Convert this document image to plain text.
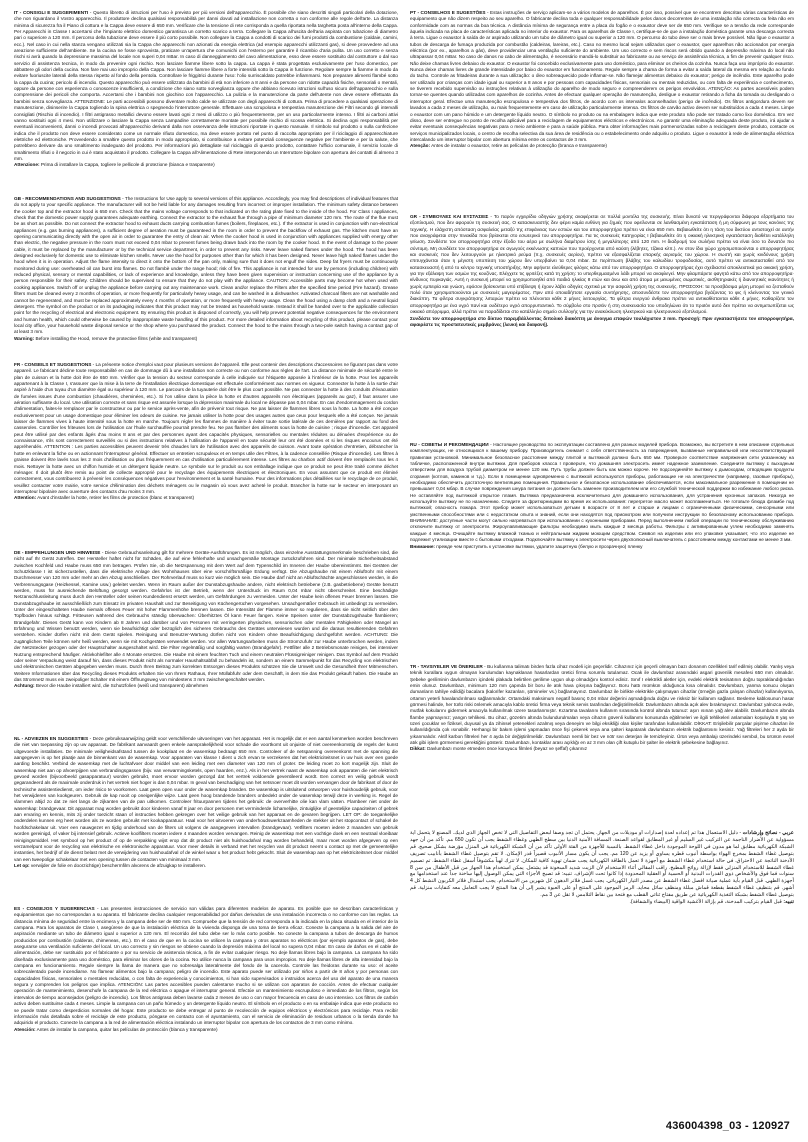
IT - CONSIGLI E SUGGERIMENTI - Questo libretto di istruzioni per l'uso è previsto per più versioni dell'apparecchio. È possibile che siano descritti singoli particolari della dotazione, che non riguardano il Vostro apparecchio. Il produttore declina qualsiasi responsabilità per danni dovuti ad installazione non corretta o non conforme alle regole dell'arte. La distanza minima di sicurezza fra il Piano di cottura e la Cappa deve essere di 650 mm. Verificare che la tensione di rete corrisponda a quella riportata nella targhetta posta all'interno della Cappa. Per Apparecchi in Classe I accertarsi che l'impianto elettrico domestico garantisca un corretto scarico a terra. Collegare la Cappa all'uscita dell'aria aspirata con tubazione di diametro pari o superiore a 120 mm. Il percorso della tubazione deve essere il più corto possibile. Non collegare la Cappa a condotti di scarico dei fumi prodotti da combustione (caldaie, camini, ecc.). Nel caso in cui nella stanza vengano utilizzati sia la Cappa che apparecchi non azionati da energia elettrica (ad esempio apparecchi utilizzanti gas), si deve provvedere ad una areazione sufficiente dell'ambiente. Se la cucina ne fosse sprovvista, praticare un'apertura che comunichi con l'esterno per garantire il ricambio d'aria pulita. Un uso corretto e senza rischi si avrà quando la depressione massima del locale non superi 0,04 mBar. In caso di danneggiamento del cavo alimentazione, esso deve essere sostituito dal costruttore o dal suo servizio di assistenza tecnica, in modo da prevenire ogni rischio. Non lasciare fiamme libere sotto la cappa. La cappa è stata progettata esclusivamente per l'uso domestico, per abbattere gli odori della cucina. Non fare mai uso improprio della Cappa. Non lasciare fiamme libere a forte intensità sotto la Cappa in funzione. Regolare sempre la fiamme in modo da evitare fuoriuscite laterali della stessa rispetto al fondo della pentola. Controllare le friggitrici durante l'uso: l'olio surriscaldato potrebbe infiammarsi. Non preparare alimenti flambé sotto la cappa da cucina; pericolo di incendio. Questo apparecchio può essere utilizzato da bambini di età non inferiore a 8 anni e da persone con ridotte capacità fisiche, sensoriali o mentali, oppure da persone con esperienza o conoscenze insufficienti, a condizione che siano sotto sorveglianza oppure che abbiano ricevuto istruzioni sull'uso sicuro dell'apparecchio e sulla comprensione dei pericoli che comporta. Accertarsi che i bambini non giochino con l'apparecchio. La pulizia e la manutenzione da parte dell'utente non deve essere effettuata da bambini senza sorveglianza. ATTENZIONE: Le parti accessibili possono diventare molto calde se utilizzate con degli apparecchi di cottura. Prima di procedere a qualsiasi operazione di manutenzione, disinserire la Cappa togliendo la spina elettrica o spegnendo l'interruttore generale. Effettuare una scrupolosa e tempestiva manutenzione dei Filtri secondo gli intervalli consigliati (Rischio di incendio). I filtri antigrasso metallici devono essere lavati ogni 2 mesi di utilizzo o più frequentemente, per un uso particolarmente intenso. I filtri ai carboni attivi vanno sostituiti ogni 4 mesi. Non utilizzare o lasciare la Cappa senza Lampadine correttamente montate per possibile rischio di scossa elettrica. Si declina ogni responsabilità per eventuali inconvenienti, danni o incendi provocati all'apparecchio derivanti dalla non osservanza delle istruzioni riportate in questo manuale. Il simbolo sul prodotto o sulla confezione indica che il prodotto non deve essere considerato come un normale rifiuto domestico, ma deve essere portato nel punto di raccolta appropriato per il riciclaggio di apparecchiature elettriche ed elettroniche. Provvedendo a smaltire questo prodotto in modo appropriato, si contribuisce a evitare potenziali conseguenze negative per l'ambiente e per la salute, che potrebbero derivare da uno smaltimento inadeguato del prodotto. Per informazioni più dettagliate sul riciclaggio di questo prodotto, contattare l'ufficio comunale, il servizio locale di smaltimento rifiuti o il negozio in cui è stato acquistato il prodotto. Collegare la Cappa all'Alimentazione di Rete interponendo un Interruttore bipolare con apertura dei contatti di almeno 3 mm.
Attenzione: Prima di installare la Cappa, togliere le pellicole di protezione (bianca e trasparente)

GB - RECOMMENDATIONS AND SUGGESTIONS - The Instructions for Use apply to several versions of this appliance. Accordingly, you may find descriptions of individual features that do not apply to your specific appliance. The manufacturer will not be held liable for any damages resulting from incorrect or improper installation. The minimum safety distance between the cooker top and the extractor hood is 650 mm. Check that the mains voltage corresponds to that indicated on the rating plate fixed to the inside of the hood. For Class I appliances, check that the domestic power supply guarantees adequate earthing. Connect the extractor to the exhaust flue through a pipe of minimum diameter 120 mm. The route of the flue must be as short as possible. Do not connect the extractor hood to exhaust ducts carrying combustion fumes (boilers, fireplaces, etc.). If the extractor is used in conjunction with non-electrical appliances (e.g. gas burning appliances), a sufficient degree of aeration must be guaranteed in the room in order to prevent the backflow of exhaust gas. The kitchen must have an opening communicating directly with the open air in order to guarantee the entry of clean air. When the cooker hood is used in conjunction with appliances supplied with energy other than electric, the negative pressure in the room must not exceed 0,04 mbar to prevent fumes being drawn back into the room by the cooker hood. In the event of damage to the power cable, it must be replaced by the manufacturer or by the technical service department, in order to prevent any risks. Never leave naked flames under the hood. The hood has been designed exclusively for domestic use to eliminate kitchen smells. Never use the hood for purposes other than for which it has been designed. Never leave high naked flames under the hood when it is in operation. Adjust the flame intensity to direct it onto the bottom of the pan only, making sure that it does not engulf the sides. Deep fat fryers must be continuously monitored during use: overheated oil can burst into flames. Do not flambè under the range hood; risk of fire. This appliance is not intended for use by persons (including children) with reduced physical, sensory or mental capabilities, or lack of experience and knowledge, unless they have been given supervision or instruction concerning use of the appliance by a person responsible for their safety. Children should be supervised to ensure that they do not play with the appliance. CAUTION: Accessible parts may become hot when used with cooking appliances. Switch off or unplug the appliance before carrying out any maintenance work. Clean and/or replace the Filters after the specified time period (Fire hazard). Grease filters must be cleaned every 2 months of operation, or more frequently for particularly heavy usage, and can be washed in a dishwasher. Activated charcoal filters are not washable and cannot be regenerated, and must be replaced approximately every 4 months of operation, or more frequently with heavy usage. Clean the hood using a damp cloth and a neutral liquid detergent. The symbol on the product or on its packaging indicates that this product may not be treated as household waste. Instead it shall be handed over to the applicable collection point for the recycling of electrical and electronic equipment. By ensuring this product is disposed of correctly, you will help prevent potential negative consequences for the environment and human health, which could otherwise be caused by inappropriate waste handling of this product. For more detailed information about recycling of this product, please contact your local city office, your household waste disposal service or the shop where you purchased the product. Connect the hood to the mains through a two-pole switch having a contact gap of at least 3 mm.
Warning: Before installing the Hood, remove the protective films (white and transparent)

FR - CONSEILS ET SUGGESTIONS - La présente notice d'emploi vaut pour plusieurs versions de l'appareil. Elle peut contenir des descriptions d'accessoires ne figurant pas dans votre appareil. Le fabricant décline toute responsabilité en cas de dommage dû à une installation non correcte ou non conforme aux règles de l'art. La distance minimale de sécurité entre le plan de cuisson et la hotte doit être de 650 mm. Vérifier que la tension du secteur corresponde à celle indiquée sur l'étiquette apposée à l'intérieur de la hotte. Pour les appareils appartenant à la Classe I, s'assurer que la mise à la terre de l'installation électrique domestique est effectuée conformément aux normes en vigueur. Connecter la hotte à la sortie d'air aspiré à l'aide d'un tuyau d'un diamètre égal ou supérieur à 120 mm. Le parcours de la tuyauterie doit être le plus court possible. Ne pas connecter la hotte à des conduits d'évacuation de fumées issues d'une combustion (chaudières, cheminées, etc.). Si l'on utilise dans la pièce la hotte et d'autres appareils non électriques (appareils au gaz), il faut assurer une aération suffisante du local. Une utilisation correcte et sans risque est assurée lorsque la dépression maximale du local ne dépasse pas 0,04 mbar. En cas d'endommagement du cordon d'alimentation, faites-le remplacer par le constructeur ou par le service après-vente, afin de prévenir tout risque. Ne pas laisser de flammes libres sous la hotte. La hotte a été conçue exclusivement pour un usage domestique pour éliminer les odeurs de cuisine. Ne jamais utiliser la hotte pour des usages autres que ceux pour lesquels elle a été conçue. Ne jamais laisser de flammes vives à haute intensité sous la hotte en marche. Toujours régler les flammes de manière à éviter toute sortie latérale de ces dernières par rapport au fond des casseroles. Contrôler les friteuses lors de l'utilisation car l'huile surchauffée pourrait prendre feu. Ne pas flamber des aliments sous la hotte de cuisine ; risque d'incendie. Cet appareil peut être utilisé par des enfants âgés d'au moins 8 ans et par des personnes ayant des capacités physiques, sensorielles ou mentales réduites ou dénuées d'expérience ou de connaissance, s'ils sont correctement surveillés ou si des instructions relatives à l'utilisation de l'appareil en toute sécurité leur ont été données et si les risques encourus ont été appréhendés. ATTENTION : Les parties accessibles peuvent devenir très chaudes lors de l'utilisation avec des appareils de cuisson. Avant toute opération d'entretien, débrancher la hotte en enlevant la fiche ou en actionnant l'interrupteur général. Effectuer un entretien scrupuleux et en temps utile des Filtres, à la cadence conseillée (Risque d'incendie). Les filtres à graisse doivent être lavés tous les 2 mois d'utilisation ou plus fréquemment en cas d'utilisation particulièrement intense. Les filtres au charbon actif doivent être remplacés tous les 4 mois. Nettoyer la hotte avec un chiffon humide et un détergent liquide neutre. Le symbole sur le produit ou son emballage indique que ce produit ne peut être traité comme déchet ménager. Il doit plutôt être remis au point de collecte approprié pour le recyclage des équipements électriques et électroniques. En vous assurant que ce produit est éliminé correctement, vous contribuerez à prévenir les conséquences négatives pour l'environnement et la santé humaine. Pour des informations plus détaillées sur le recyclage de ce produit, veuillez contacter votre mairie, votre service d'élimination des déchets ménagers ou le magasin où vous avez acheté le produit. Brancher la hotte sur le secteur en interposant un interrupteur bipolaire avec ouverture des contacts d'au moins 3 mm.
Attention: Avant d'installer la hotte, retirer les films de protection (blanc et transparent)

DE - EMPFEHLUNGEN UND HINWEISE - Diese Gebrauchsanleitung gilt für mehrere Geräte-Ausführungen. Es ist möglich, dass einzelne Ausstattungsmerkmale beschrieben sind, die nicht auf Ihr Gerät zutreffen. Der Hersteller haftet nicht für Schäden, die auf eine fehlerhafte und unsachgemäße Montage zurückzuführen sind. Der minimale Sicherheitsabstand zwischen Kochfeld und Haube muss 650 mm betragen. Prüfen Sie, ob die Netzspannung mit dem Wert auf dem Typenschild im Inneren der Haube übereinstimmt. Bei Geräten der Schutzklasse I ist sicherzustellen, dass die elektrische Anlage des Wohnhauses über eine vorschriftsmäßige Erdung verfügt. Die Abzugshaube mit einem Abluftrohr mit einem Durchmesser von 120 mm oder mehr an den Abzug anschließen. Der Rohrverlauf muss so kurz wie möglich sein. Die Haube darf nicht an Abluftschächte angeschlossen werden, in die Verbrennungsgase (Heizkessel, Kamine usw.) geleitet werden. Wenn im Raum außer der Dunstabzugshaube andere, nicht elektrisch betriebene (z.B. gasbetriebene) Geräte benutzt werden, muss für ausreichende Belüftung gesorgt werden. Gefahrlos ist der Betrieb, wenn der Unterdruck im Raum 0,04 mbar nicht überschreitet. Eine beschädigte Netzanschlussleitung muss durch den Hersteller oder seinen Kundendienst ersetzt werden, um Gefährdungen zu vermeiden. Unter der Haube kein offenes Feuer brennen lassen. Die Dunstabzugshaube ist ausschließlich zum Einsatz im privaten Haushalt und zur Beseitigung von Küchengerüchen vorgesehen. Unsachgemäßer Gebrauch ist unbedingt zu vermeiden. Unter der eingeschalteten Haube niemals offenes Feuer mit hoher Flammenhöhe brennen lassen. Die Intensität der Flamme immer so regulieren, dass sie nicht seitlich über den Topfboden hinaus schlägt. Fritteusen während des Gebrauchs ständig überwachen: Überhitztes Öl kann Feuer fangen. Keine Speisen unter der Dunstabzugshaube flambieren; Brandgefahr. Dieses Gerät kann von Kindern ab 8 Jahren und darüber und von Personen mit verringerten physischen, sensorischen oder mentalen Fähigkeiten oder Mangel an Erfahrung und Wissen benutzt werden, wenn sie beaufsichtigt oder bezüglich des sicheren Gebrauchs des Gerätes unterwiesen wurden und die daraus resultierenden Gefahren verstehen. Kinder dürfen nicht mit dem Gerät spielen. Reinigung und Benutzer-Wartung dürfen nicht von Kindern ohne Beaufsichtigung durchgeführt werden. ACHTUNG: Die zugänglichen Teile können sehr heiß werden, wenn sie mit Kochgeräten verwendet werden. Vor allen Wartungsarbeiten muss die Stromzufuhr zur Haube unterbrochen werden, indem der Netzstecker gezogen oder der Hauptschalter ausgeschaltet wird. Die Filter regelmäßig und sorgfältig warten (Brandgefahr). Fettfilter alle 2 Betriebsmonate reinigen, bei intensiver Nutzung entsprechend häufiger. Aktivkohlefilter alle 4 Monate ersetzen. Die Haube mit einem feuchten Tuch und einem neutralen Flüssigreiniger reinigen. Das Symbol auf dem Produkt oder seiner Verpackung weist darauf hin, dass dieses Produkt nicht als normaler Haushaltsabfall zu behandeln ist, sondern an einem Sammelpunkt für das Recycling von elektrischen und elektronischen Geräten abgegeben werden muss. Durch Ihren Beitrag zum korrekten Entsorgen dieses Produkts schützen Sie die Umwelt und die Gesundheit Ihrer Mitmenschen. Weitere Informationen über das Recycling dieses Produkts erhalten Sie von Ihrem Rathaus, Ihrer Müllabfuhr oder dem Geschäft, in dem Sie das Produkt gekauft haben. Die Haube an das Stromnetz muss ein zweipoliger Schalter mit einem Öffnungsweg von mindestens 3 mm zwischengeschaltet werden.
Achtung: Bevor die Haube installiert wird, die Schutzfolien (weiß und transparent) abnehmen

NL - ADVIEZEN EN SUGGESTIES - Deze gebruiksaanwijzing geldt voor verschillende uitvoeringen van het apparaat. Het is mogelijk dat er een aantal kenmerken worden beschreven die niet van toepassing zijn op uw apparaat. De fabrikant aanvaardt geen enkele aansprakelijkheid voor schade die voortkomt uit onjuiste of niet overeenkomstig de regels der kunst uitgevoerde installaties. De minimale veiligheidsafstand tussen de kookplaat en de wasemkap bedraagt 650 mm. Controleer of de netspanning overeenkomt met de spanning die aangegeven is op het plaatje aan de binnenkant van de wasemkap. Voor apparaten van klasse I dient u zich ervan te verzekeren dat het elektriciteitsnet in uw huis over een goede aarding beschikt. Verbind de wasemkap met de luchtafvoer door middel van een leiding met een diameter van 120 mm of groter. De leiding moet zo kort mogelijk zijn. Sluit de wasemkap niet aan op afvoerpijpen van verbrandingsgassen (bijv. van verwarmingsketels, open haarden, enz.). Als in het vertrek naast de wasemkap ook apparaten die niet elektrisch gevoed worden (bijvoorbeeld gasapparatuur) worden gebruikt, moet ervoor worden gezorgd dat het vertrek voldoende geventileerd wordt. Een correct en veilig gebruik wordt gegarandeerd als de maximale onderdruk in het vertrek niet hoger is dan 0,04 mbar. In geval van beschadiging van het netsnoer moet dit worden vervangen door de fabrikant of door de technische assistentiedienst, om ieder risico te voorkomen. Laat geen open vuur onder de wasemkap branden. De wasemkap is uitsluitend ontworpen voor huishoudelijk gebruik, voor het verwijderen van kookgeuren. Gebruik de kap nooit op oneigenlijke wijze. Laat geen hoog brandende branders onbedekt onder de wasemkap terwijl deze in werking is. Regel de vlammen altijd zo dat ze niet langs de zijkanten van de pan uitkomen. Controleer frituurpannen tijdens het gebruik: de oververhitte olie kan vlam vatten. Flambeer niet onder de wasemkap: brandgevaar. Dit apparaat mag worden gebruikt door kinderen vanaf 8 jaar en door personen met verminderde lichamelijke, zintuiglijke of geestelijke capaciteiten of gebrek aan ervaring en kennis, mits zij onder toezicht staan of instructies hebben gekregen over het veilige gebruik van het apparaat en de gevaren begrijpen. LET OP: de toegankelijke onderdelen kunnen erg heet worden als ze worden gebruikt met kookapparatuur. Haal voor het uitvoeren van onderhoudswerkzaamheden de stekker uit het stopcontact of schakel de hoofdschakelaar uit. Voer een nauwgezet en tijdig onderhoud van de filters uit volgens de aangegeven intervallen (brandgevaar). Vetfilters moeten iedere 2 maanden van gebruik worden gereinigd, of vaker bij intensief gebruik. Actieve koolfilters moeten iedere 4 maanden worden vervangen. Reinig de wasemkap met een vochtige doek en een neutraal vloeibaar reinigingsmiddel. Het symbool op het product of op de verpakking wijst erop dat dit product niet als huishoudafval mag worden behandeld, maar moet worden afgegeven op een verzamelpunt voor de recycling van elektrische en elektronische apparatuur. Voor meer details in verband met het recyclen van dit product neemt u contact op met de gemeentelijke instanties, het bedrijf of de dienst belast met de verwijdering van huishoudafval of de winkel waar u het product hebt gekocht. Sluit de wasemkap aan op het elektriciteitsnet door middel van een tweepolige schakelaar met een opening tussen de contacten van minimaal 3 mm.
Let op: verwijder de folie en doorzichtige) beschermfilm alvorens de afzuigkap te installeren.

ES - CONSEJOS Y SUGERENCIAS - Las presentes instrucciones de servicio son válidas para diferentes modelos de aparato. Es posible que se describan características y equipamientos que no correspondan a su aparato. El fabricante declina cualquier responsabilidad por daños derivados de una instalación incorrecta o no conforme con las reglas. La distancia mínima de seguridad entre la encimera y la campana debe ser de 650 mm. Compruebe que la tensión de red corresponda a la indicada en la placa situada en el interior de la campana. Para los aparatos de Clase I, asegúrese de que la instalación eléctrica de la vivienda disponga de una toma de tierra eficaz. Conecte la campana a la salida del aire de aspiración mediante un tubo de diámetro igual o superior a 120 mm. El recorrido del tubo debe ser lo más corto posible. No conecte la campana a tubos de descarga de humos producidos por combustión (calderas, chimeneas, etc.). En el caso de que en la cocina se utilicen la campana y otros aparatos no eléctricos (por ejemplo aparatos de gas), debe asegurarse una ventilación suficiente del local. Un uso correcto y sin riesgos se obtiene cuando la depresión máxima del local no supera 0,04 mbar. En caso de daños en el cable de alimentación, debe ser sustituido por el fabricante o por su servicio de asistencia técnica, a fin de evitar cualquier riesgo. No deje llamas libres bajo la campana. La campana ha sido diseñada exclusivamente para uso doméstico, para eliminar los olores de la cocina. No utilice nunca la campana para usos impropios. No deje llamas libres de alta intensidad bajo la campana en funcionamiento. Regule siempre la llama de manera que no sobresalga lateralmente del fondo de la cacerola. Controle las freidoras durante su uso: el aceite sobrecalentado puede incendiarse. No flamear alimentos bajo la campana; peligro de incendio. Este aparato puede ser utilizado por niños a partir de 8 años y por personas con capacidades físicas, sensoriales o mentales reducidas, o con falta de experiencia y conocimientos, si han sido supervisados o instruidos acerca del uso del aparato de una manera segura y comprenden los peligros que implica. ATENCIÓN: Las partes accesibles pueden calentarse mucho si se utilizan con aparatos de cocción. Antes de efectuar cualquier operación de mantenimiento, desenchufe la campana de la red eléctrica o apague el interruptor general. Efectúe un mantenimiento escrupuloso e inmediato de los filtros, según los intervalos de tiempo aconsejados (peligro de incendio). Los filtros antigrasa deben lavarse cada 2 meses de uso o con mayor frecuencia en caso de uso intensivo. Los filtros de carbón activo deben sustituirse cada 4 meses. Limpie la campana con un paño húmedo y un detergente líquido neutro. El símbolo en el producto o en su embalaje indica que este producto no se puede tratar como desperdicios normales del hogar. Este producto se debe entregar al punto de recolección de equipos eléctricos y electrónicos para reciclaje. Para recibir información más detallada sobre el reciclaje de este producto, póngase en contacto con el ayuntamiento, con el servicio de eliminación de residuos urbanos o la tienda donde ha adquirido el producto. Conecte la campana a la red de alimentación eléctrica instalando un interruptor bipolar con apertura de los contactos de 3 mm como mínimo.
Atención: Antes de instalar la campana, quitar las películas de protección (blanca y transparente)

PT - CONSELHOS E SUGESTÕES - Estas instruções de serviço aplicam-se a vários modelos de aparelhos. É por isso, possível que se encontrem descritas várias características de equipamento que não dizem respeito ao seu aparelho. O fabricante declina toda e qualquer responsabilidade pelos danos decorrentes de uma instalação não correcta ou feita não em conformidade com as normas da boa técnica. A distância mínima de segurança entre a placa do fogão e o exaustor deve ser de 650 mm. Verifique se a tensão da rede corresponde àquela indicada na placa de características aplicada no interior do exaustor. Para os aparelhos de Classe I, certifique-se de que a instalação doméstica garante uma descarga correcta à terra. Ligue o exaustor à saída de ar aspirado utilizando um tubo de diâmetro igual ou superior a 120 mm. O percurso do tubo deve ser o mais breve possível. Não ligue o exaustor a tubos de descarga de fumaça produzida por combustão (caldeiras, lareiras, etc.). Caso no mesmo local sejam utilizados quer o exaustor, quer aparelhos não accionados por energia eléctrica (por ex., aparelhos a gás), deve providenciar uma ventilação suficiente do ambiente. Um uso correcto e sem riscos será obtido quando a depressão máxima do local não ultrapassar 0,04 mBar. No caso de danos no cabo de alimentação, é necessário mandá-lo substituir ao fabricante ou ao serviço de assistência técnica, a fim de prevenir qualquer risco. Não deixe chamas livres debaixo do exaustor. O exaustor foi concebido exclusivamente para uso doméstico, para eliminar os cheiros da cozinha. Nunca faça uso impróprio do exaustor. Nunca deixe chamas livres de grande intensidade por baixo do exaustor em funcionamento. Regule sempre a chama de forma a evitar a saída lateral da mesma em relação ao fundo do tacho. Controle as fritadeiras durante a sua utilização: o óleo sobreaquecido pode inflamar-se. Não flamejar alimentos debaixo do exaustor; perigo de incêndio. Este aparelho pode ser utilizado por crianças com idade igual ou superior a 8 anos e por pessoas com capacidades físicas, sensoriais ou mentais reduzidas, ou com falta de experiência e conhecimento, se tiverem recebido supervisão ou instruções relativas à utilização do aparelho de modo seguro e compreenderem os perigos envolvidos. ATENÇÃO: As partes acessíveis podem tornar-se quentes quando utilizadas com aparelhos de cozinha. Antes de efectuar qualquer operação de manutenção, desligue o exaustor retirando a ficha da tomada ou desligando o interruptor geral. Efectue uma manutenção escrupulosa e tempestiva dos filtros, de acordo com os intervalos aconselhados (perigo de incêndio). Os filtros antigordura devem ser lavados a cada 2 meses de utilização, ou mais frequentemente em caso de utilização particularmente intensa. Os filtros de carvão activo devem ser substituídos a cada 4 meses. Limpe o exaustor com um pano húmido e um detergente líquido neutro. O símbolo no produto ou na embalagem indica que este produto não pode ser tratado como lixo doméstico. Em vez disso, deve ser entregue no ponto de recolha aplicável para a reciclagem de equipamentos eléctricos e electrónicos. Ao garantir uma eliminação adequada deste produto, irá ajudar a evitar eventuais consequências negativas para o meio ambiente e para a saúde pública. Para obter informações mais pormenorizadas sobre a reciclagem deste produto, contacte os serviços municipalizados locais, o centro de recolha selectiva da sua área de residência ou o estabelecimento onde adquiriu o produto. Ligue o exaustor à rede de alimentação eléctrica intercalando um interruptor bipolar com abertura mínima entre os contactos de 3 mm.
Atenção: Antes de instalar o exaustor, retire as películas de protecção (branca e transparente)

GR - ΣΥΜΒΟΥΛΕΣ ΚΑΙ ΕΥΣΤΑΣΕΙΣ - Το παρόν εγχειρίδιο οδηγιών χρήσης αναφέρεται σε πολλά μοντέλα της συσκευής. Είναι δυνατό να περιγράφονται διάφορα εξαρτήματα του εξοπλισμού, που δεν αφορούν τη συσκευή σας. Ο κατασκευαστής δεν φέρει καμία ευθύνη για ζημιές που οφείλονται σε λανθασμένη εγκατάσταση ή μη σύμφωνη με τους κανόνες της τεχνικής. Η ελάχιστη απόσταση ασφαλείας μεταξύ της επιφάνειας των εστιών και του απορροφητήρα πρέπει να είναι 650 mm. Βεβαιωθείτε ότι η τάση του δικτύου αντιστοιχεί σε αυτήν που αναγράφεται στην πινακίδα που βρίσκεται στο εσωτερικό του απορροφητήρα. Για τις συσκευές Κατηγορίας I βεβαιωθείτε ότι η οικιακή ηλεκτρική εγκατάσταση διαθέτει κατάλληλη γείωση. Συνδέστε τον απορροφητήρα στην έξοδο του αέρα με σωλήνα διαμέτρου ίσης ή μεγαλύτερης από 120 mm. Η διαδρομή του σωλήνα πρέπει να είναι όσο το δυνατόν πιο σύντομη. Μη συνδέετε τον απορροφητήρα σε αγωγούς εκκένωσης καπνών που προέρχονται από καύση (λέβητες, τζάκια κλπ.). Αν στον ίδιο χώρο χρησιμοποιούνται ο απορροφητήρας και συσκευές που δεν λειτουργούν με ηλεκτρικό ρεύμα (π.χ. συσκευές αερίου), πρέπει να εξασφαλίζεται επαρκής αερισμός του χώρου. Η σωστή και χωρίς κινδύνους χρήση επιτυγχάνεται όταν η μέγιστη υποπίεση του χώρου δεν υπερβαίνει τα 0,04 mbar. Σε περίπτωση βλάβης του καλωδίου τροφοδοσίας, αυτό πρέπει να αντικατασταθεί από τον κατασκευαστή ή από το κέντρο τεχνικής υποστήριξης. Μην αφήνετε ελεύθερες φλόγες κάτω από τον απορροφητήρα. Ο απορροφητήρας έχει σχεδιαστεί αποκλειστικά για οικιακή χρήση, για την εξάλειψη των οσμών της κουζίνας. Ελέγχετε τις φριτέζες κατά τη χρήση: το υπερθερμασμένο λάδι μπορεί να αναφλεγεί. Μην φλαμπάρετε φαγητά κάτω από τον απορροφητήρα· κίνδυνος πυρκαγιάς. Αυτή η συσκευή μπορεί να χρησιμοποιηθεί από παιδιά ηλικίας 8 ετών και άνω και από άτομα με μειωμένες σωματικές, αισθητηριακές ή διανοητικές ικανότητες ή χωρίς εμπειρία και γνώση, εφόσον βρίσκονται υπό επίβλεψη ή έχουν λάβει οδηγίες σχετικά με την ασφαλή χρήση της συσκευής. ΠΡΟΣΟΧΗ: τα προσβάσιμα μέρη μπορεί να ζεσταθούν πολύ όταν χρησιμοποιούνται με συσκευές μαγειρέματος. Πριν από οποιαδήποτε εργασία συντήρησης, αποσυνδέστε τον απορροφητήρα βγάζοντας το φις ή κλείνοντας τον γενικό διακόπτη. Τα φίλτρα συγκράτησης λιπαρών πρέπει να πλένονται κάθε 2 μήνες λειτουργίας. Τα φίλτρα ενεργού άνθρακα πρέπει να αντικαθίστανται κάθε 4 μήνες. Καθαρίζετε τον απορροφητήρα με ένα υγρό πανί και ουδέτερο υγρό απορρυπαντικό. Το σύμβολο στο προϊόν ή στη συσκευασία του υποδηλώνει ότι το προϊόν αυτό δεν πρέπει να αντιμετωπίζεται ως οικιακό απόρριμμα, αλλά πρέπει να παραδίδεται στο κατάλληλο σημείο συλλογής για την ανακύκλωση ηλεκτρικού και ηλεκτρονικού εξοπλισμού.
Συνδέστε τον απορροφητήρα στο δίκτυο παρεμβάλλοντας διπολικό διακόπτη με άνοιγμα επαφών τουλάχιστον 3 mm. Προσοχή: Πριν εγκαταστήσετε τον απορροφητήρα, αφαιρέστε τις προστατευτικές μεμβράνες (λευκή και διαφανή).

RU - СОВЕТЫ И РЕКОМЕНДАЦИИ - Настоящее руководство по эксплуатации составлено для разных моделей прибора. Возможно, вы встретите в нем описание отдельных комплектующих, не относящихся к вашему прибору. Производитель снимает с себя ответственность за повреждения, вызванные неправильной или несоответствующей правилам установкой. Минимальное безопасное расстояние между плитой и вытяжкой должно быть 650 мм. Проверьте соответствие напряжения сети указанному на табличке, расположенной внутри вытяжки. Для приборов класса I проверьте, что домашняя электросеть имеет надежное заземление. Соедините вытяжку с выходным отверстием для воздуха трубой диаметром не менее 120 мм. Путь трубы должен быть как можно короче. Не подсоединяйте вытяжку к дымоходам, отводящим продукты сгорания (котлов, каминов и т.д.). Если в помещении одновременно с вытяжкой используются приборы, работающие не на электричестве (например, газовые приборы), необходимо обеспечить достаточную вентиляцию помещения. Правильное и безопасное использование обеспечивается, если максимальное разрежение в помещении не превышает 0,04 мбар. В случае повреждения шнура питания он должен быть заменен производителем или его службой технической поддержки во избежание любого риска. Не оставляйте под вытяжкой открытое пламя. Вытяжка предназначена исключительно для домашнего использования, для устранения кухонных запахов. Никогда не используйте вытяжку не по назначению. Следите за фритюрницами во время их использования: перегретое масло может воспламениться. Не готовьте блюда фламбе под вытяжкой; опасность пожара. Этот прибор может использоваться детьми в возрасте от 8 лет и старше и лицами с ограниченными физическими, сенсорными или умственными способностями или с недостатком опыта и знаний, если они находятся под присмотром или получили инструкции по безопасному использованию прибора. ВНИМАНИЕ: доступные части могут сильно нагреваться при использовании с кухонными приборами. Перед выполнением любой операции по техническому обслуживанию отключите вытяжку от электросети. Жироулавливающие фильтры необходимо мыть каждые 2 месяца работы. Фильтры с активированным углем необходимо заменять каждые 4 месяца. Очищайте вытяжку влажной тканью и нейтральным жидким моющим средством. Символ на изделии или его упаковке указывает, что это изделие не подлежит утилизации вместе с бытовыми отходами. Подключайте вытяжку к электросети через двухполюсный выключатель с расстоянием между контактами не менее 3 мм.
Внимание: прежде чем приступить к установке вытяжки, удалите защитную (белую и прозрачную) пленку

TR - TAVSIYELER VE ÖNERILER - Bu kullanma talimatı birden fazla cihaz modeli için geçerlidir. Cihazınız için geçerli olmayan bazı donanım özellikleri tarif edilmiş olabilir. Yanlış veya teknik kurallara uygun olmayan kurulumdan kaynaklanan hasarlardan üretici firma sorumlu tutulamaz. Ocak ile davlumbaz arasındaki asgari güvenlik mesafesi 650 mm olmalıdır. Şebeke geriliminin davlumbazın içindeki plakada belirtilen gerilime uygun olup olmadığını kontrol ediniz. Sınıf I elektrikli aletler için, evdeki elektrik tesisatının doğru topraklandığından emin olunuz. Davlumbazı, minimum 120 mm çapında bir boru ile atık hava çıkışına bağlayınız. Boru hattı mümkün olduğunca kısa olmalıdır. Davlumbazı, yanma sonucu oluşan dumanların tahliye edildiği bacalara (kalorifer kazanları, şömineler vs.) bağlamayınız. Davlumbaz ile birlikte elektrikle çalışmayan cihazlar (örneğin gazla çalışan cihazlar) kullanılıyorsa, ortamın yeterli havalandırılması sağlanmalıdır. Ortamdaki maksimum negatif basınç 0,04 mbar değerini aşmadığında doğru ve risksiz bir kullanım sağlanır. Besleme kablosunun hasar görmesi halinde, her türlü riski önlemek amacıyla kablo üretici firma veya teknik servis tarafından değiştirilmelidir. Davlumbazın altında açık alev bırakmayınız. Davlumbaz yalnızca evde, mutfak kokularını gidermek amacıyla kullanılmak üzere tasarlanmıştır. Kızartma tavalarını kullanım sırasında kontrol altında tutunuz: aşırı ısınan yağ alev alabilir. Davlumbazın altında flambe yapmayınız; yangın tehlikesi. Bu cihaz, gözetim altında bulundurulmaları veya cihazın güvenli kullanımı konusunda eğitilmeleri ve ilgili tehlikeleri anlamaları koşuluyla 8 yaş ve üzeri çocuklar ve fiziksel, duyusal ya da zihinsel yetenekleri azalmış veya deneyim ve bilgi eksikliği olan kişiler tarafından kullanılabilir. DİKKAT: Erişilebilir parçalar pişirme cihazları ile kullanıldığında çok ısınabilir. Herhangi bir bakım işlemi yapmadan önce fişi çekerek veya ana şalteri kapatarak davlumbazın elektrik bağlantısını kesiniz. Yağ filtreleri her 2 ayda bir yıkanmalıdır. Aktif karbon filtreleri her 4 ayda bir değiştirilmelidir. Davlumbazı nemli bir bez ve nötr sıvı deterjan ile temizleyiniz. Ürün veya ambalajı üzerindeki sembol, bu ürünün evsel atık gibi işlem görmemesi gerektiğini gösterir. Davlumbazı, kontaklar arası açıklığı en az 3 mm olan çift kutuplu bir şalter ile elektrik şebekesine bağlayınız.
Dikkat: Davlumbazı monte etmeden önce koruyucu filmleri (beyaz ve şeffaf) çıkarınız

عربي - نصائح وإرشادات - دليل الاستعمال هذا تم إعداده لعدة إصدارات أو موديلات من الجهاز. يحتمل أن تجد وصفاً لبعض التفاصيل التي لا تخص الجهاز الذي لديك. المصنع لا يتحمل أية مسؤولية عن الأضرار الناجمة عن التركيب غير السليم أو غير المطابق لقواعد الصنعة. المسافة الأمنية الدنيا بين سطح الطهي وغطاء الشفط يجب أن تكون 650 مم. تأكد من أن جهد الشبكة الكهربائية مطابق لما هو مدون في اللوحة الموجودة داخل غطاء الشفط. بالنسبة للأجهزة من الفئة الأولى تأكد من أن الشبكة الكهربائية في المنزل مؤرضة بشكل صحيح. قم بتوصيل غطاء الشفط بمخرج الهواء بواسطة أنبوب قطره يساوي أو يزيد عن 120 مم. يجب أن يكون مسار الأنبوب قصيراً قدر الإمكان. لا تقم بتوصيل غطاء الشفط بأنابيب تصريف الأدخنة الناتجة عن الاحتراق. في حالة استخدام غطاء الشفط مع أجهزة لا تعمل بالطاقة الكهربائية يجب ضمان تهوية كافية للمكان. لا تترك لهباً مكشوفاً أسفل غطاء الشفط. تم تصميم غطاء الشفط للاستخدام المنزلي فقط لإزالة روائح المطبخ. راقب المقالي أثناء الاستخدام لأن الزيت شديد السخونة قد يشتعل. يمكن استخدام هذا الجهاز من قبل الأطفال من سن 8 سنوات فما فوق والأشخاص ذوي القدرات البدنية أو الحسية أو العقلية المحدودة إذا كانوا تحت الإشراف. تنبيه: قد تصبح الأجزاء التي يمكن الوصول إليها ساخنة جداً عند استخدامها مع أجهزة الطهي. قبل القيام بأية عملية صيانة افصل غطاء الشفط عن مصدر التيار الكهربائي. يجب غسل فلاتر الدهون كل شهرين من الاستخدام. يجب استبدال فلاتر الكربون النشط كل 4 أشهر. قم بتنظيف غطاء الشفط بقطعة قماش مبللة ومنظف سائل محايد. الرمز الموجود على المنتج أو على العبوة يشير إلى أن هذا المنتج لا يجب التعامل معه كنفايات منزلية. قم بتوصيل غطاء الشفط بشبكة التغذية الكهربائية عن طريق مفتاح ثنائي القطب مع فتحة بين نقاط التلامس لا تقل عن 3 مم.
تنبيه: قبل القيام بتركيب المدخنة، قم بإزالة الأغشية الواقية (البيضاء والشفافة).

436004398_03 - 120927
